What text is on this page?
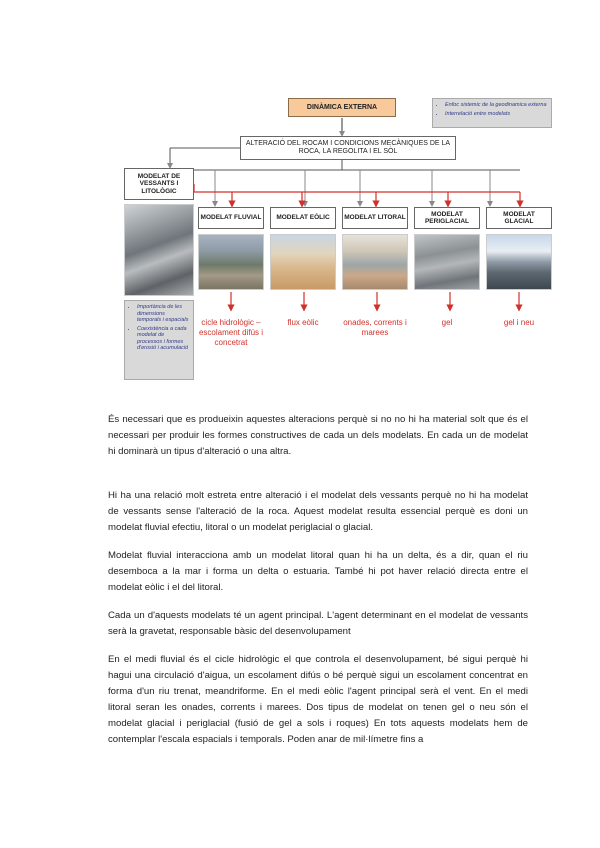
DINÀMICA EXTERNA
•	Enfoc sistemic de la geodinamica externa
• Interrelació entre modelats
ALTERACIÓ DEL ROCAM I CONDICIONS MECÀNIQUES DE LA ROCA, LA REGOLITA I EL SÒL
MODELAT DE VESSANTS I LITOLÒGIC
MODELAT FLUVIAL	MODELAT EÒLIC	MODELAT LITORAL
MODELAT PERIGLACIAL
MODELAT GLACIAL
• Importància de les dimensions temporals i espacials
• Coexistència a cada modelat de processos i formes d'erosió i acumulació
cicle hidrològic – escolament difús i concetrat
flux eòlic	onades, corrents i marees
gel	gel i neu

És necessari que es produeixin aquestes alteracions perquè si no no hi ha material solt que és el necessari per produir les formes constructives de cada un dels modelats. En cada un de modelat hi dominarà un tipus d'alteració o una altra.

Hi ha una relació molt estreta entre alteració i el modelat dels vessants perquè no hi ha modelat de vessants sense l'alteració de la roca. Aquest modelat resulta essencial perquè es doni un modelat fluvial efectiu, litoral o un modelat periglacial o glacial.

Modelat fluvial interacciona amb un modelat litoral quan hi ha un delta, és a dir, quan el riu desemboca a la mar i forma un delta o estuaria. També hi pot haver relació directa entre el modelat eòlic i el del litoral.

Cada un d'aquests modelats té un agent principal. L'agent determinant en el modelat de vessants serà la gravetat, responsable bàsic del desenvolupament

En el medi fluvial és el cicle hidrològic el que controla el desenvolupament, bé sigui perquè hi hagui una circulació d'aigua, un escolament difús o bé perquè sigui un escolament concentrat en forma d'un riu trenat, meandriforme. En el medi eòlic l'agent principal serà el vent. En el medi litoral seran les onades, corrents i marees. Dos tipus de modelat on tenen gel o neu són el modelat glacial i periglacial (fusió de gel a sols i roques) En tots aquests modelats hem de contemplar l'escala espacials i temporals. Poden anar de mil·límetre fins a
